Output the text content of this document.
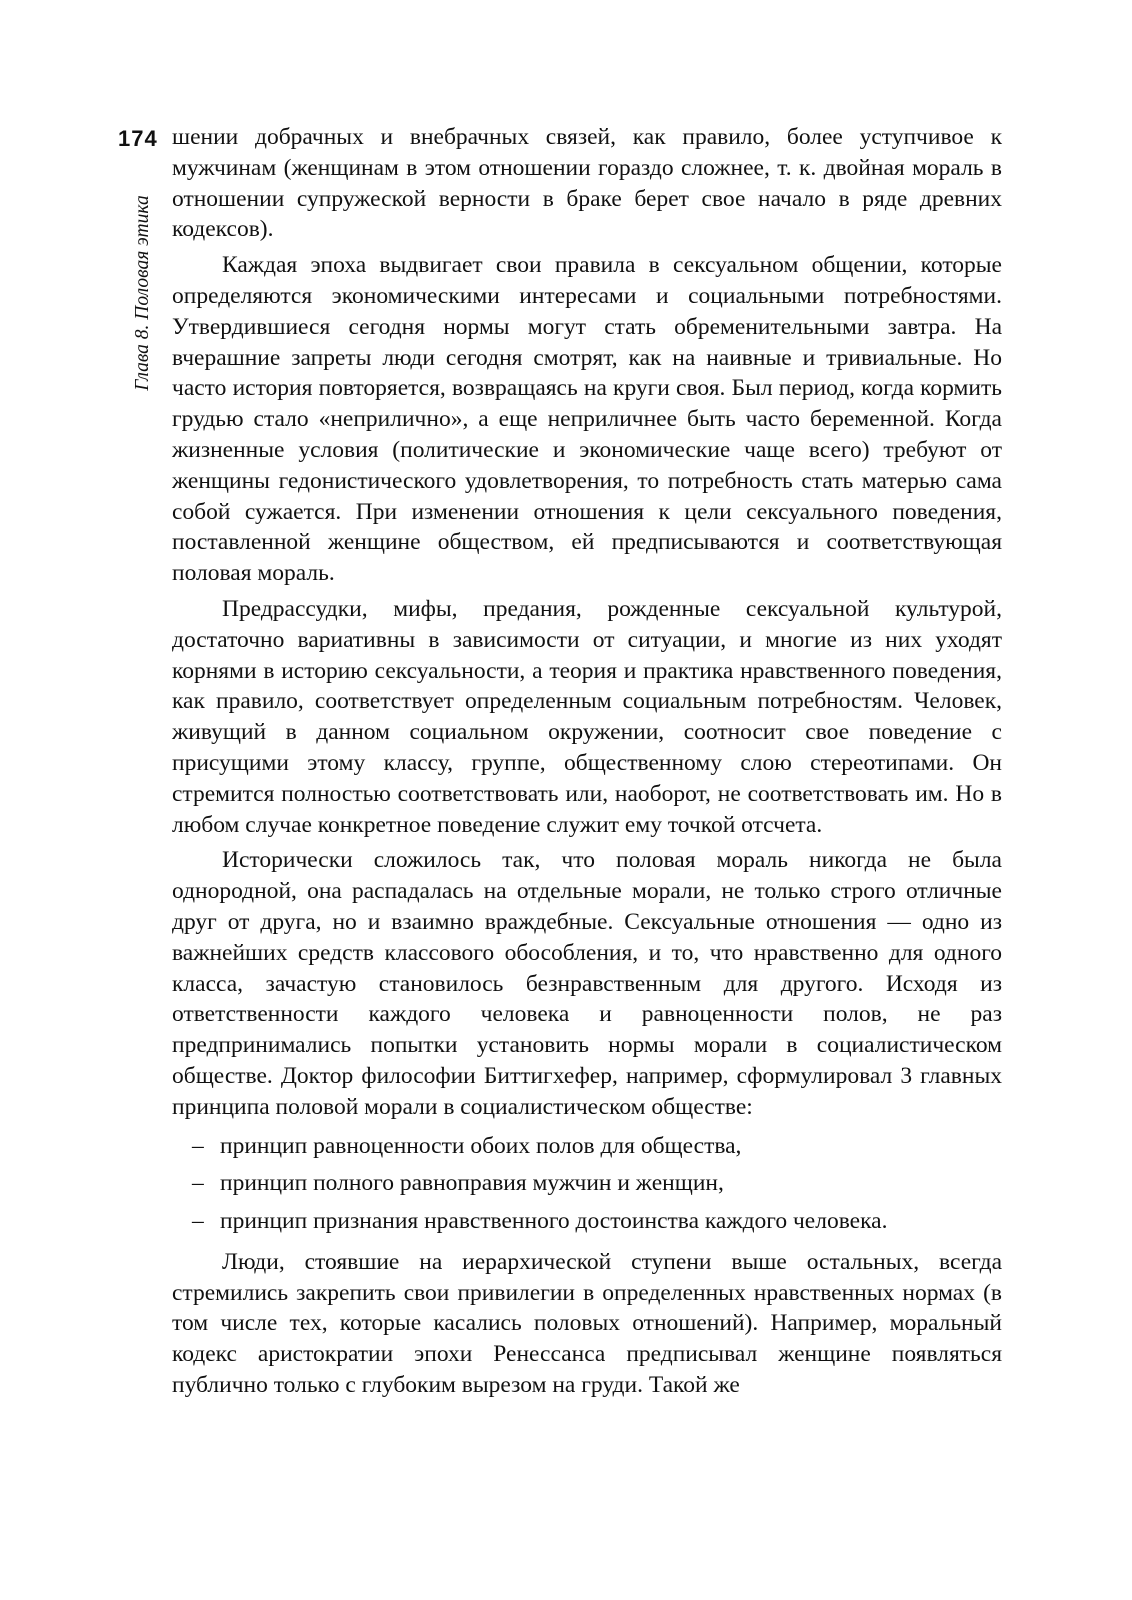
174
Глава 8. Половая этика

шении добрачных и внебрачных связей, как правило, более уступчивое к мужчинам (женщинам в этом отношении гораздо сложнее, т. к. двойная мораль в отношении супружеской верности в браке берет свое начало в ряде древних кодексов).

Каждая эпоха выдвигает свои правила в сексуальном общении, которые определяются экономическими интересами и социальными потребностями. Утвердившиеся сегодня нормы могут стать обременительными завтра. На вчерашние запреты люди сегодня смотрят, как на наивные и тривиальные. Но часто история повторяется, возвращаясь на круги своя. Был период, когда кормить грудью стало «неприлично», а еще неприличнее быть часто беременной. Когда жизненные условия (политические и экономические чаще всего) требуют от женщины гедонистического удовлетворения, то потребность стать матерью сама собой сужается. При изменении отношения к цели сексуального поведения, поставленной женщине обществом, ей предписываются и соответствующая половая мораль.

Предрассудки, мифы, предания, рожденные сексуальной культурой, достаточно вариативны в зависимости от ситуации, и многие из них уходят корнями в историю сексуальности, а теория и практика нравственного поведения, как правило, соответствует определенным социальным потребностям. Человек, живущий в данном социальном окружении, соотносит свое поведение с присущими этому классу, группе, общественному слою стереотипами. Он стремится полностью соответствовать или, наоборот, не соответствовать им. Но в любом случае конкретное поведение служит ему точкой отсчета.

Исторически сложилось так, что половая мораль никогда не была однородной, она распадалась на отдельные морали, не только строго отличные друг от друга, но и взаимно враждебные. Сексуальные отношения — одно из важнейших средств классового обособления, и то, что нравственно для одного класса, зачастую становилось безнравственным для другого. Исходя из ответственности каждого человека и равноценности полов, не раз предпринимались попытки установить нормы морали в социалистическом обществе. Доктор философии Биттигхефер, например, сформулировал 3 главных принципа половой морали в социалистическом обществе:

– принцип равноценности обоих полов для общества,
– принцип полного равноправия мужчин и женщин,
– принцип признания нравственного достоинства каждого человека.

Люди, стоявшие на иерархической ступени выше остальных, всегда стремились закрепить свои привилегии в определенных нравственных нормах (в том числе тех, которые касались половых отношений). Например, моральный кодекс аристократии эпохи Ренессанса предписывал женщине появляться публично только с глубоким вырезом на груди. Такой же
